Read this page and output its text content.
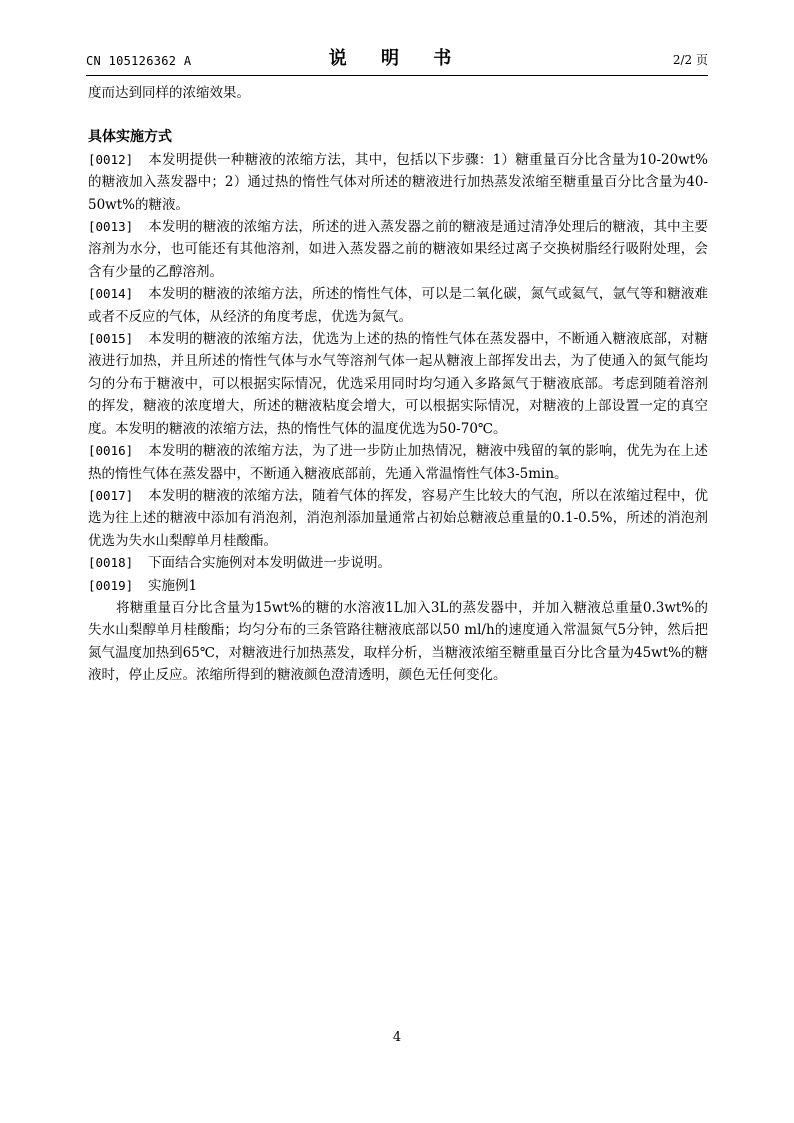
CN 105126362 A	说 明 书	2/2 页

度而达到同样的浓缩效果。

具体实施方式

[0012] 本发明提供一种糖液的浓缩方法，其中，包括以下步骤：1）糖重量百分比含量为10-20wt%的糖液加入蒸发器中；2）通过热的惰性气体对所述的糖液进行加热蒸发浓缩至糖重量百分比含量为40-50wt%的糖液。

[0013] 本发明的糖液的浓缩方法，所述的进入蒸发器之前的糖液是通过清净处理后的糖液，其中主要溶剂为水分，也可能还有其他溶剂，如进入蒸发器之前的糖液如果经过离子交换树脂经行吸附处理，会含有少量的乙醇溶剂。

[0014] 本发明的糖液的浓缩方法，所述的惰性气体，可以是二氧化碳，氮气或氦气，氩气等和糖液难或者不反应的气体，从经济的角度考虑，优选为氮气。

[0015] 本发明的糖液的浓缩方法，优选为上述的热的惰性气体在蒸发器中，不断通入糖液底部，对糖液进行加热，并且所述的惰性气体与水气等溶剂气体一起从糖液上部挥发出去，为了使通入的氮气能均匀的分布于糖液中，可以根据实际情况，优选采用同时均匀通入多路氮气于糖液底部。考虑到随着溶剂的挥发，糖液的浓度增大，所述的糖液粘度会增大，可以根据实际情况，对糖液的上部设置一定的真空度。本发明的糖液的浓缩方法，热的惰性气体的温度优选为50-70℃。

[0016] 本发明的糖液的浓缩方法，为了进一步防止加热情况，糖液中残留的氧的影响，优先为在上述热的惰性气体在蒸发器中，不断通入糖液底部前，先通入常温惰性气体3-5min。

[0017] 本发明的糖液的浓缩方法，随着气体的挥发，容易产生比较大的气泡，所以在浓缩过程中，优选为往上述的糖液中添加有消泡剂，消泡剂添加量通常占初始总糖液总重量的0.1-0.5%，所述的消泡剂优选为失水山梨醇单月桂酸酯。

[0018] 下面结合实施例对本发明做进一步说明。

[0019] 实施例1

将糖重量百分比含量为15wt%的糖的水溶液1L加入3L的蒸发器中，并加入糖液总重量0.3wt%的失水山梨醇单月桂酸酯；均匀分布的三条管路往糖液底部以50 ml/h的速度通入常温氮气5分钟，然后把氮气温度加热到65℃，对糖液进行加热蒸发，取样分析，当糖液浓缩至糖重量百分比含量为45wt%的糖液时，停止反应。浓缩所得到的糖液颜色澄清透明，颜色无任何变化。

4
